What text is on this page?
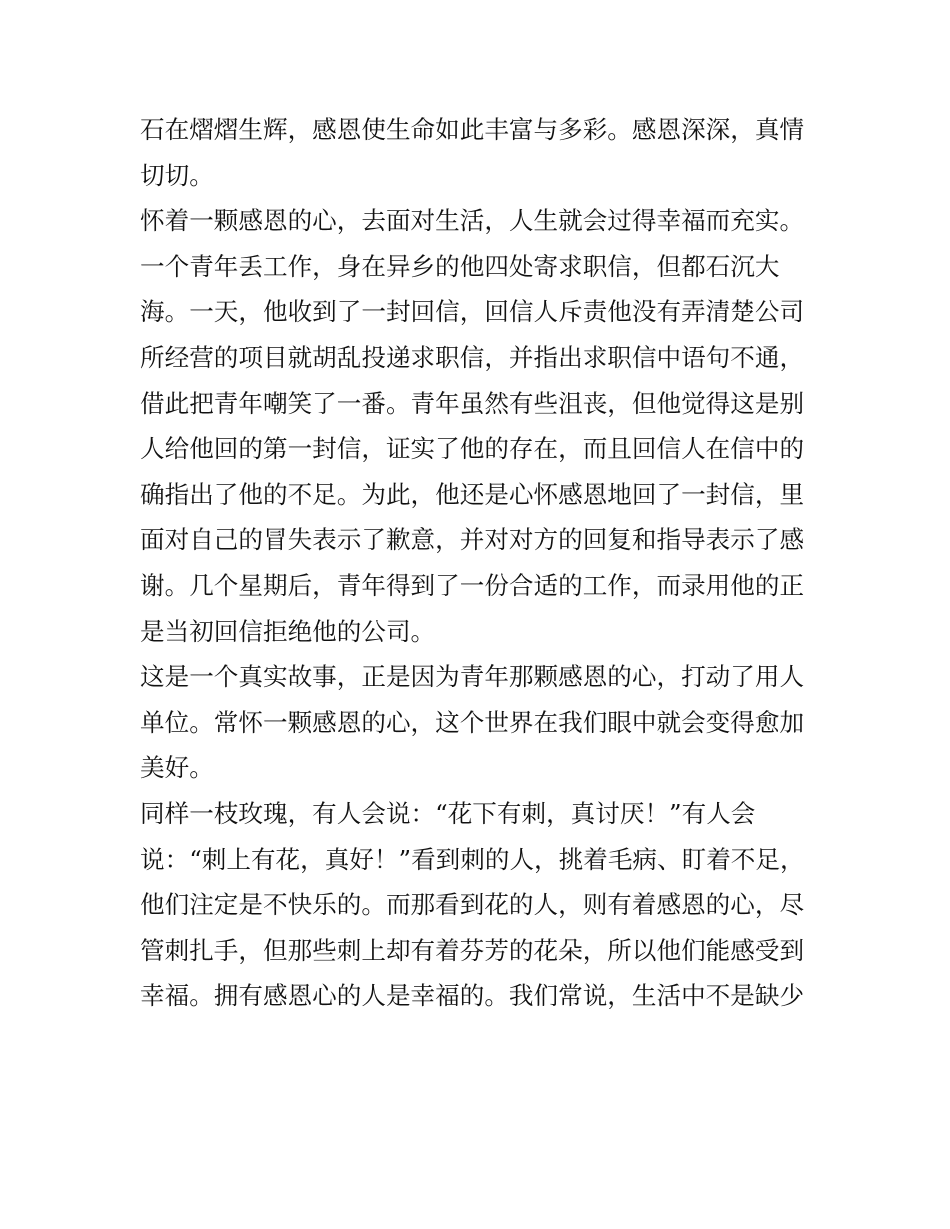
石在熠熠生辉，感恩使生命如此丰富与多彩。感恩深深，真情
切切。
怀着一颗感恩的心，去面对生活，人生就会过得幸福而充实。
一个青年丢工作，身在异乡的他四处寄求职信，但都石沉大
海。一天，他收到了一封回信，回信人斥责他没有弄清楚公司
所经营的项目就胡乱投递求职信，并指出求职信中语句不通，
借此把青年嘲笑了一番。青年虽然有些沮丧，但他觉得这是别
人给他回的第一封信，证实了他的存在，而且回信人在信中的
确指出了他的不足。为此，他还是心怀感恩地回了一封信，里
面对自己的冒失表示了歉意，并对对方的回复和指导表示了感
谢。几个星期后，青年得到了一份合适的工作，而录用他的正
是当初回信拒绝他的公司。
这是一个真实故事，正是因为青年那颗感恩的心，打动了用人
单位。常怀一颗感恩的心，这个世界在我们眼中就会变得愈加
美好。
同样一枝玫瑰，有人会说：“花下有刺，真讨厌！”有人会
说：“刺上有花，真好！”看到刺的人，挑着毛病、盯着不足，
他们注定是不快乐的。而那看到花的人，则有着感恩的心，尽
管刺扎手，但那些刺上却有着芬芳的花朵，所以他们能感受到
幸福。拥有感恩心的人是幸福的。我们常说，生活中不是缺少
